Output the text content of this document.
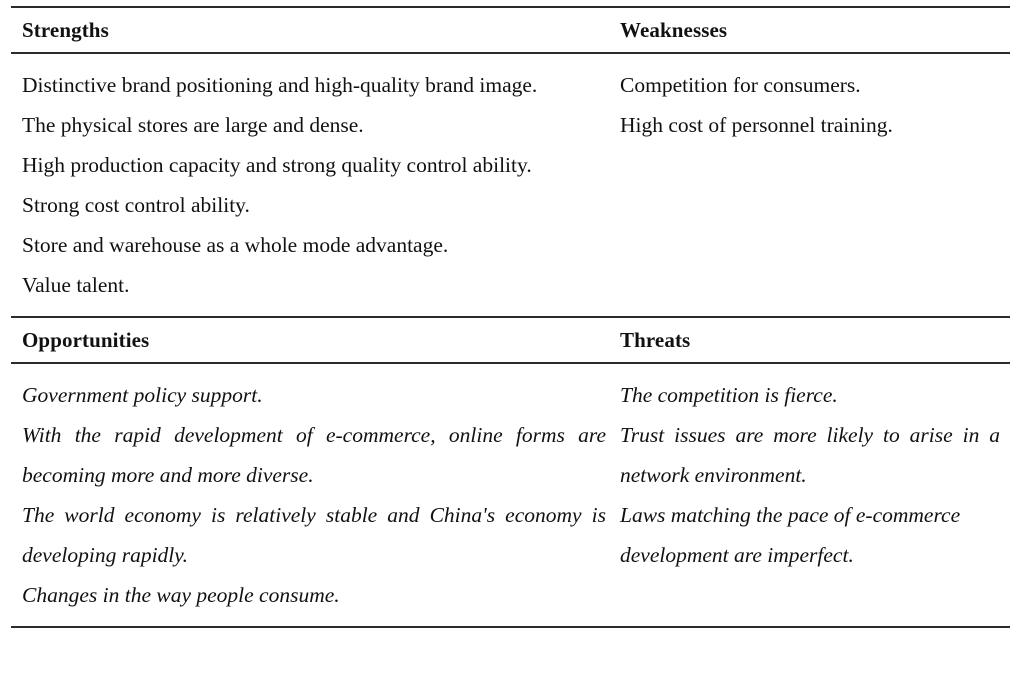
Strengths	Weaknesses

Distinctive brand positioning and high-quality brand image.

The physical stores are large and dense.

High production capacity and strong quality control ability.

Strong cost control ability.

Store and warehouse as a whole mode advantage.

Value talent.

Competition for consumers.

High cost of personnel training.

Opportunities	Threats

Government policy support.

With the rapid development of e-commerce, online forms are becoming more and more diverse.

The world economy is relatively stable and China's economy is developing rapidly.

Changes in the way people consume.

The competition is fierce.

Trust issues are more likely to arise in a network environment.

Laws matching the pace of e-commerce development are imperfect.
